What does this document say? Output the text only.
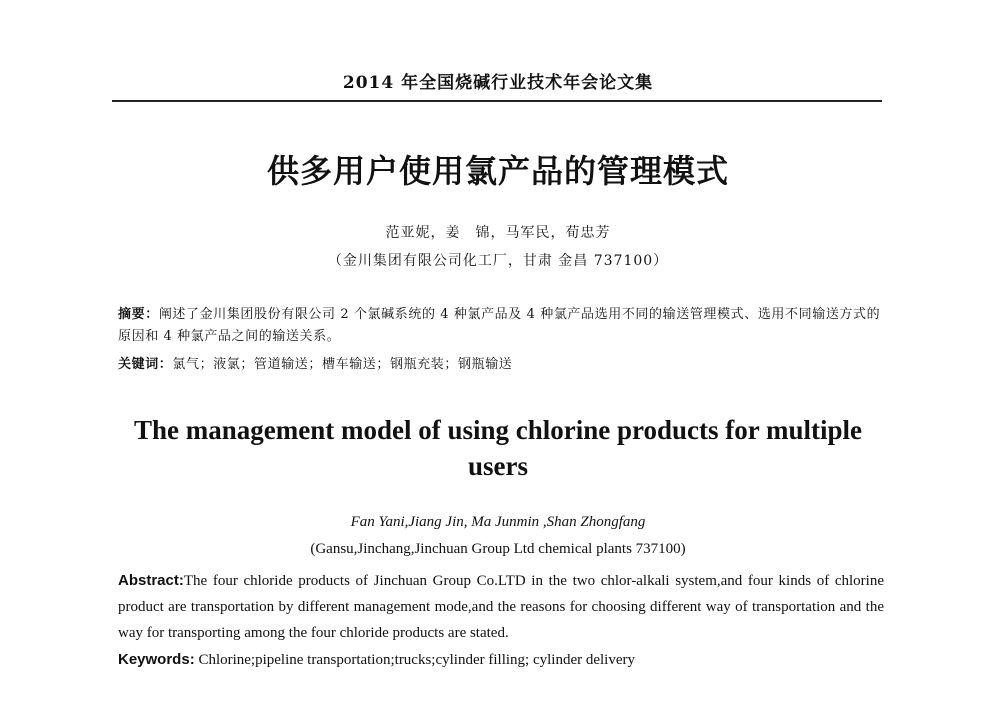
2014 年全国烧碱行业技术年会论文集
供多用户使用氯产品的管理模式
范亚妮，姜　锦，马军民，荀忠芳
（金川集团有限公司化工厂，甘肃 金昌 737100）

摘要：阐述了金川集团股份有限公司 2 个氯碱系统的 4 种氯产品及 4 种氯产品选用不同的输送管理模式、选用不同输送方式的原因和 4 种氯产品之间的输送关系。

关键词：氯气；液氯；管道输送；槽车输送；钢瓶充装；钢瓶输送

The management model of using chlorine products for multiple users
Fan Yani,Jiang Jin, Ma Junmin ,Shan Zhongfang
(Gansu,Jinchang,Jinchuan Group Ltd chemical plants 737100)

Abstract:The four chloride products of Jinchuan Group Co.LTD in the two chlor-alkali system,and four kinds of chlorine product are transportation by different management mode,and the reasons for choosing different way of transportation and the way for transporting among the four chloride products are stated.

Keywords: Chlorine;pipeline transportation;trucks;cylinder filling; cylinder delivery
